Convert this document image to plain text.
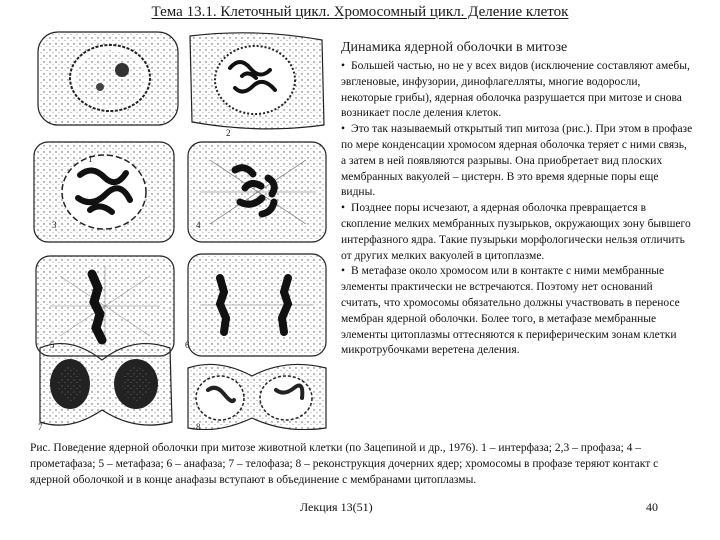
Тема 13.1. Клеточный цикл. Хромосомный цикл. Деление клеток
1
2
3	4
5	6
7	8
Динамика ядерной оболочки в митозе

• Большей частью, но не у всех видов (исключение составляют амебы, эвгленовые, инфузории, динофлагелляты, многие водоросли, некоторые грибы), ядерная оболочка разрушается при митозе и снова возникает после деления клеток.

• Это так называемый открытый тип митоза (рис.). При этом в профазе по мере конденсации хромосом ядерная оболочка теряет с ними связь, а затем в ней появляются разрывы. Она приобретает вид плоских мембранных вакуолей – цистерн. В это время ядерные поры еще видны.

• Позднее поры исчезают, а ядерная оболочка превращается в скопление мелких мембранных пузырьков, окружающих зону бывшего интерфазного ядра. Такие пузырьки морфологически нельзя отличить от других мелких вакуолей в цитоплазме.

• В метафазе около хромосом или в контакте с ними мембранные элементы практически не встречаются. Поэтому нет оснований считать, что хромосомы обязательно должны участвовать в переносе мембран ядерной оболочки. Более того, в метафазе мембранные элементы цитоплазмы оттесняются к периферическим зонам клетки микротрубочками веретена деления.

Рис. Поведение ядерной оболочки при митозе животной клетки (по Зацепиной и др., 1976). 1 – интерфаза; 2,3 – профаза; 4 – прометафаза; 5 – метафаза; 6 – анафаза; 7 – телофаза; 8 – реконструкция дочерних ядер; хромосомы в профазе теряют контакт с ядерной оболочкой и в конце анафазы вступают в объединение с мембранами цитоплазмы.
Лекция 13(51)	40
